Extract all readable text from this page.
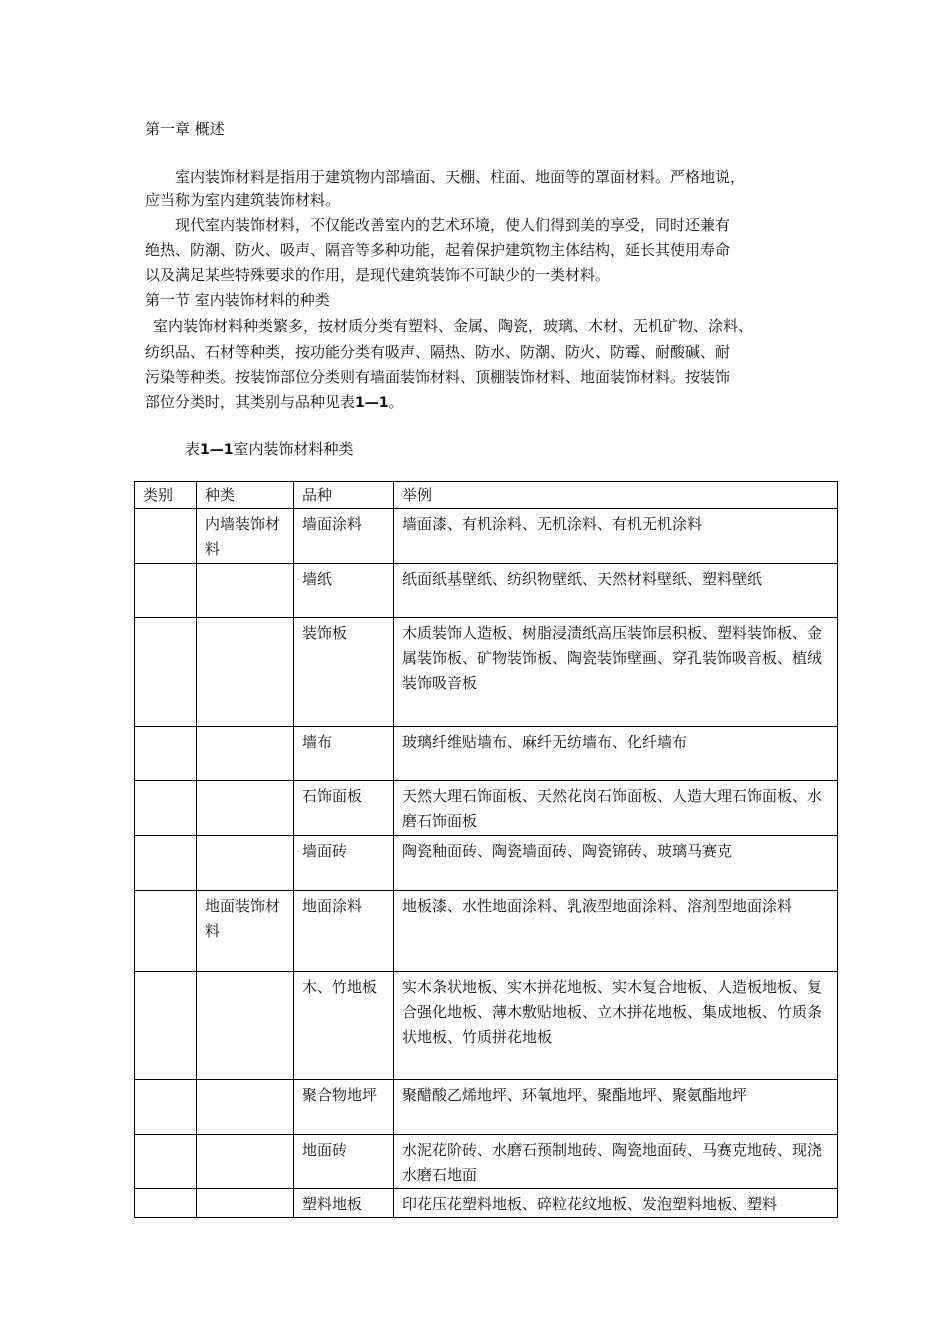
第一章 概述
室内装饰材料是指用于建筑物内部墙面、天棚、柱面、地面等的罩面材料。严格地说，
应当称为室内建筑装饰材料。
现代室内装饰材料，不仅能改善室内的艺术环境，使人们得到美的享受，同时还兼有
绝热、防潮、防火、吸声、隔音等多种功能，起着保护建筑物主体结构，延长其使用寿命
以及满足某些特殊要求的作用，是现代建筑装饰不可缺少的一类材料。
第一节 室内装饰材料的种类
室内装饰材料种类繁多，按材质分类有塑料、金属、陶瓷，玻璃、木材、无机矿物、涂料、
纺织品、石材等种类，按功能分类有吸声、隔热、防水、防潮、防火、防霉、耐酸碱、耐
污染等种类。按装饰部位分类则有墙面装饰材料、顶棚装饰材料、地面装饰材料。按装饰
部位分类时，其类别与品种见表1—1。
表1—1室内装饰材料种类
类别	种类	品种	举例
	内墙装饰材料	墙面涂料	墙面漆、有机涂料、无机涂料、有机无机涂料
		墙纸	纸面纸基壁纸、纺织物壁纸、天然材料壁纸、塑料壁纸
		装饰板	木质装饰人造板、树脂浸渍纸高压装饰层积板、塑料装饰板、金属装饰板、矿物装饰板、陶瓷装饰壁画、穿孔装饰吸音板、植绒装饰吸音板
		墙布	玻璃纤维贴墙布、麻纤无纺墙布、化纤墙布
		石饰面板	天然大理石饰面板、天然花岗石饰面板、人造大理石饰面板、水磨石饰面板
		墙面砖	陶瓷釉面砖、陶瓷墙面砖、陶瓷锦砖、玻璃马赛克
	地面装饰材料	地面涂料	地板漆、水性地面涂料、乳液型地面涂料、溶剂型地面涂料
		木、竹地板	实木条状地板、实木拼花地板、实木复合地板、人造板地板、复合强化地板、薄木敷贴地板、立木拼花地板、集成地板、竹质条状地板、竹质拼花地板
		聚合物地坪	聚醋酸乙烯地坪、环氧地坪、聚酯地坪、聚氨酯地坪
		地面砖	水泥花阶砖、水磨石预制地砖、陶瓷地面砖、马赛克地砖、现浇水磨石地面
		塑料地板	印花压花塑料地板、碎粒花纹地板、发泡塑料地板、塑料
